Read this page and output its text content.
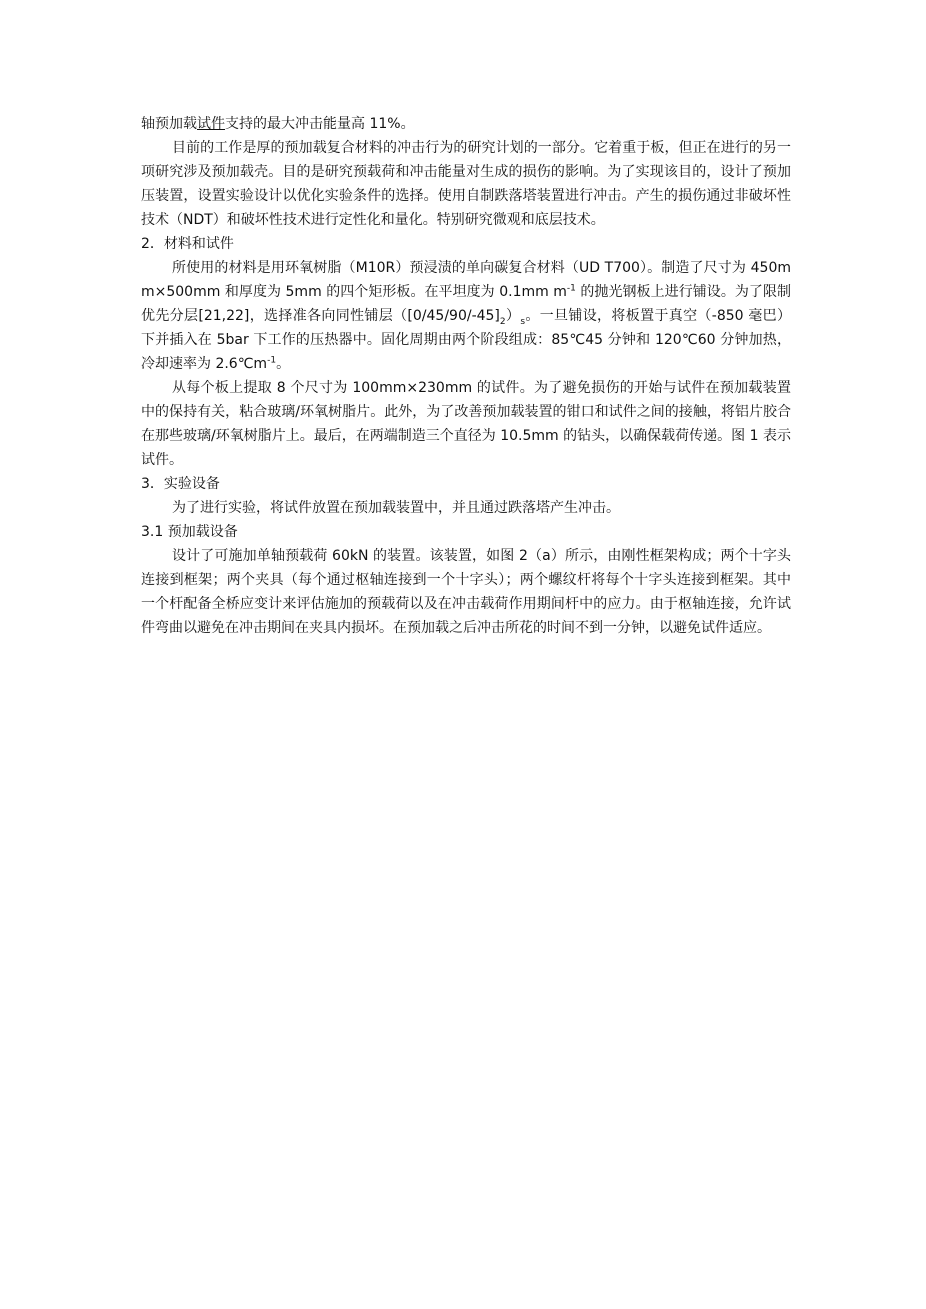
轴预加载试件支持的最大冲击能量高 11%。

目前的工作是厚的预加载复合材料的冲击行为的研究计划的一部分。它着重于板，但正在进行的另一项研究涉及预加载壳。目的是研究预载荷和冲击能量对生成的损伤的影响。为了实现该目的，设计了预加压装置，设置实验设计以优化实验条件的选择。使用自制跌落塔装置进行冲击。产生的损伤通过非破坏性技术（NDT）和破坏性技术进行定性化和量化。特别研究微观和底层技术。

2．材料和试件

所使用的材料是用环氧树脂（M10R）预浸渍的单向碳复合材料（UD T700）。制造了尺寸为 450mm×500mm 和厚度为 5mm 的四个矩形板。在平坦度为 0.1mm $m^{-1}$ 的抛光钢板上进行铺设。为了限制优先分层[21,22]，选择准各向同性铺层$([0/45/90/-45]_2)_s$。一旦铺设，将板置于真空（-850 毫巴）下并插入在 5bar 下工作的压热器中。固化周期由两个阶段组成：85℃45 分钟和 120℃60 分钟加热，冷却速率为 $2.6℃m^{-1}$。

从每个板上提取 8 个尺寸为 100mm×230mm 的试件。为了避免损伤的开始与试件在预加载装置中的保持有关，粘合玻璃/环氧树脂片。此外，为了改善预加载装置的钳口和试件之间的接触，将铝片胶合在那些玻璃/环氧树脂片上。最后，在两端制造三个直径为 10.5mm 的钻头，以确保载荷传递。图 1 表示试件。

3．实验设备

为了进行实验，将试件放置在预加载装置中，并且通过跌落塔产生冲击。

3.1 预加载设备

设计了可施加单轴预载荷 60kN 的装置。该装置，如图 2（a）所示，由刚性框架构成；两个十字头连接到框架；两个夹具（每个通过枢轴连接到一个十字头）；两个螺纹杆将每个十字头连接到框架。其中一个杆配备全桥应变计来评估施加的预载荷以及在冲击载荷作用期间杆中的应力。由于枢轴连接，允许试件弯曲以避免在冲击期间在夹具内损坏。在预加载之后冲击所花的时间不到一分钟，以避免试件适应。
